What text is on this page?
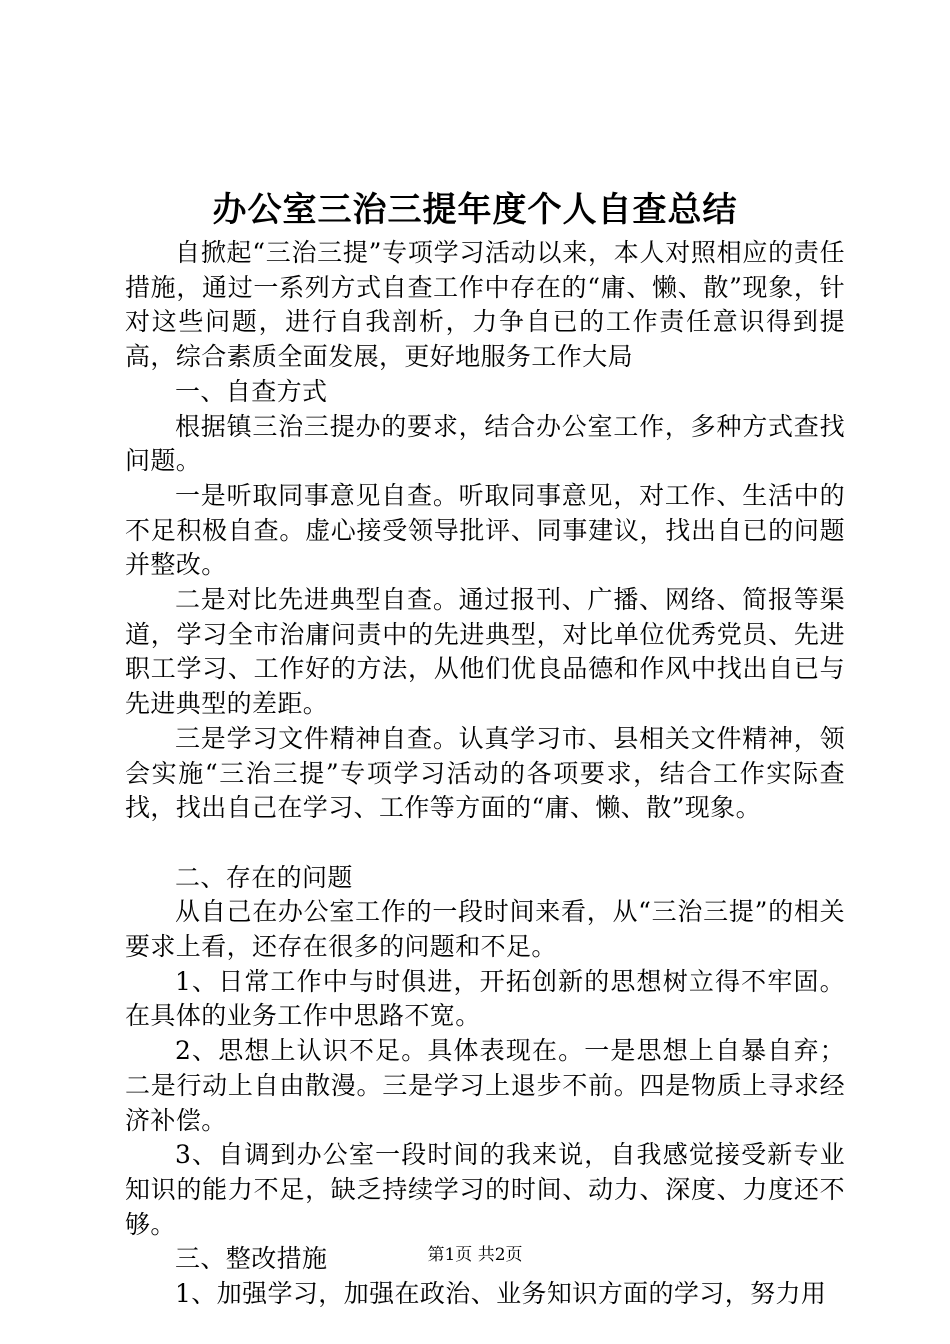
办公室三治三提年度个人自查总结

自掀起“三治三提”专项学习活动以来，本人对照相应的责任措施，通过一系列方式自查工作中存在的“庸、懒、散”现象，针对这些问题，进行自我剖析，力争自已的工作责任意识得到提高，综合素质全面发展，更好地服务工作大局

一、自查方式

根据镇三治三提办的要求，结合办公室工作，多种方式查找问题。

一是听取同事意见自查。听取同事意见，对工作、生活中的不足积极自查。虚心接受领导批评、同事建议，找出自已的问题并整改。

二是对比先进典型自查。通过报刊、广播、网络、简报等渠道，学习全市治庸问责中的先进典型，对比单位优秀党员、先进职工学习、工作好的方法，从他们优良品德和作风中找出自已与先进典型的差距。

三是学习文件精神自查。认真学习市、县相关文件精神，领会实施“三治三提”专项学习活动的各项要求，结合工作实际查找，找出自己在学习、工作等方面的“庸、懒、散”现象。

二、存在的问题

从自己在办公室工作的一段时间来看，从“三治三提”的相关要求上看，还存在很多的问题和不足。

1、日常工作中与时俱进，开拓创新的思想树立得不牢固。在具体的业务工作中思路不宽。

2、思想上认识不足。具体表现在。一是思想上自暴自弃；二是行动上自由散漫。三是学习上退步不前。四是物质上寻求经济补偿。

3、自调到办公室一段时间的我来说，自我感觉接受新专业知识的能力不足，缺乏持续学习的时间、动力、深度、力度还不够。

三、整改措施

1、加强学习，加强在政治、业务知识方面的学习，努力用

第1页 共2页
